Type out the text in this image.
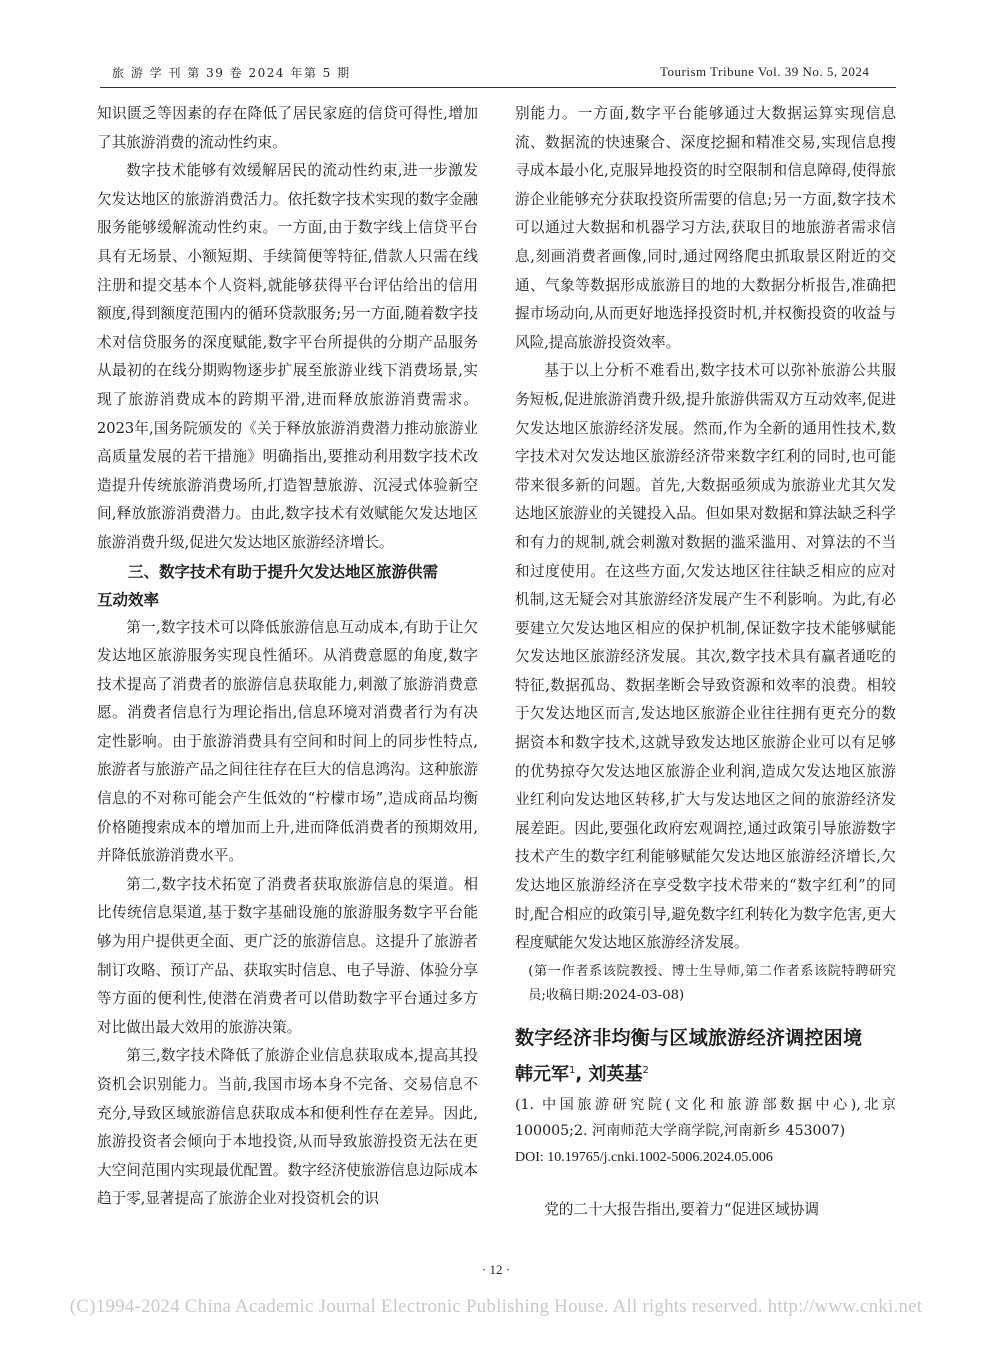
旅 游 学 刊 第 39 卷 2024 年第 5 期	Tourism Tribune Vol. 39 No. 5, 2024

知识匮乏等因素的存在降低了居民家庭的信贷可得性,增加了其旅游消费的流动性约束。

数字技术能够有效缓解居民的流动性约束,进一步激发欠发达地区的旅游消费活力。依托数字技术实现的数字金融服务能够缓解流动性约束。一方面,由于数字线上信贷平台具有无场景、小额短期、手续简便等特征,借款人只需在线注册和提交基本个人资料,就能够获得平台评估给出的信用额度,得到额度范围内的循环贷款服务;另一方面,随着数字技术对信贷服务的深度赋能,数字平台所提供的分期产品服务从最初的在线分期购物逐步扩展至旅游业线下消费场景,实现了旅游消费成本的跨期平滑,进而释放旅游消费需求。2023年,国务院颁发的《关于释放旅游消费潜力推动旅游业高质量发展的若干措施》明确指出,要推动利用数字技术改造提升传统旅游消费场所,打造智慧旅游、沉浸式体验新空间,释放旅游消费潜力。由此,数字技术有效赋能欠发达地区旅游消费升级,促进欠发达地区旅游经济增长。

三、数字技术有助于提升欠发达地区旅游供需
互动效率

第一,数字技术可以降低旅游信息互动成本,有助于让欠发达地区旅游服务实现良性循环。从消费意愿的角度,数字技术提高了消费者的旅游信息获取能力,刺激了旅游消费意愿。消费者信息行为理论指出,信息环境对消费者行为有决定性影响。由于旅游消费具有空间和时间上的同步性特点,旅游者与旅游产品之间往往存在巨大的信息鸿沟。这种旅游信息的不对称可能会产生低效的“柠檬市场”,造成商品均衡价格随搜索成本的增加而上升,进而降低消费者的预期效用,并降低旅游消费水平。

第二,数字技术拓宽了消费者获取旅游信息的渠道。相比传统信息渠道,基于数字基础设施的旅游服务数字平台能够为用户提供更全面、更广泛的旅游信息。这提升了旅游者制订攻略、预订产品、获取实时信息、电子导游、体验分享等方面的便利性,使潜在消费者可以借助数字平台通过多方对比做出最大效用的旅游决策。

第三,数字技术降低了旅游企业信息获取成本,提高其投资机会识别能力。当前,我国市场本身不完备、交易信息不充分,导致区域旅游信息获取成本和便利性存在差异。因此,旅游投资者会倾向于本地投资,从而导致旅游投资无法在更大空间范围内实现最优配置。数字经济使旅游信息边际成本趋于零,显著提高了旅游企业对投资机会的识

别能力。一方面,数字平台能够通过大数据运算实现信息流、数据流的快速聚合、深度挖掘和精准交易,实现信息搜寻成本最小化,克服异地投资的时空限制和信息障碍,使得旅游企业能够充分获取投资所需要的信息;另一方面,数字技术可以通过大数据和机器学习方法,获取目的地旅游者需求信息,刻画消费者画像,同时,通过网络爬虫抓取景区附近的交通、气象等数据形成旅游目的地的大数据分析报告,准确把握市场动向,从而更好地选择投资时机,并权衡投资的收益与风险,提高旅游投资效率。

基于以上分析不难看出,数字技术可以弥补旅游公共服务短板,促进旅游消费升级,提升旅游供需双方互动效率,促进欠发达地区旅游经济发展。然而,作为全新的通用性技术,数字技术对欠发达地区旅游经济带来数字红利的同时,也可能带来很多新的问题。首先,大数据亟须成为旅游业尤其欠发达地区旅游业的关键投入品。但如果对数据和算法缺乏科学和有力的规制,就会刺激对数据的滥采滥用、对算法的不当和过度使用。在这些方面,欠发达地区往往缺乏相应的应对机制,这无疑会对其旅游经济发展产生不利影响。为此,有必要建立欠发达地区相应的保护机制,保证数字技术能够赋能欠发达地区旅游经济发展。其次,数字技术具有赢者通吃的特征,数据孤岛、数据垄断会导致资源和效率的浪费。相较于欠发达地区而言,发达地区旅游企业往往拥有更充分的数据资本和数字技术,这就导致发达地区旅游企业可以有足够的优势掠夺欠发达地区旅游企业利润,造成欠发达地区旅游业红利向发达地区转移,扩大与发达地区之间的旅游经济发展差距。因此,要强化政府宏观调控,通过政策引导旅游数字技术产生的数字红利能够赋能欠发达地区旅游经济增长,欠发达地区旅游经济在享受数字技术带来的“数字红利”的同时,配合相应的政策引导,避免数字红利转化为数字危害,更大程度赋能欠发达地区旅游经济发展。

(第一作者系该院教授、博士生导师,第二作者系该院特聘研究员;收稿日期:2024-03-08)

数字经济非均衡与区域旅游经济调控困境

韩元军$^1$, 刘英基$^2$

(1. 中国旅游研究院(文化和旅游部数据中心),北京 100005;2. 河南师范大学商学院,河南新乡 453007)

DOI: 10.19765/j.cnki.1002-5006.2024.05.006

党的二十大报告指出,要着力“促进区域协调

· 12 ·
(C)1994-2024 China Academic Journal Electronic Publishing House. All rights reserved. http://www.cnki.net
